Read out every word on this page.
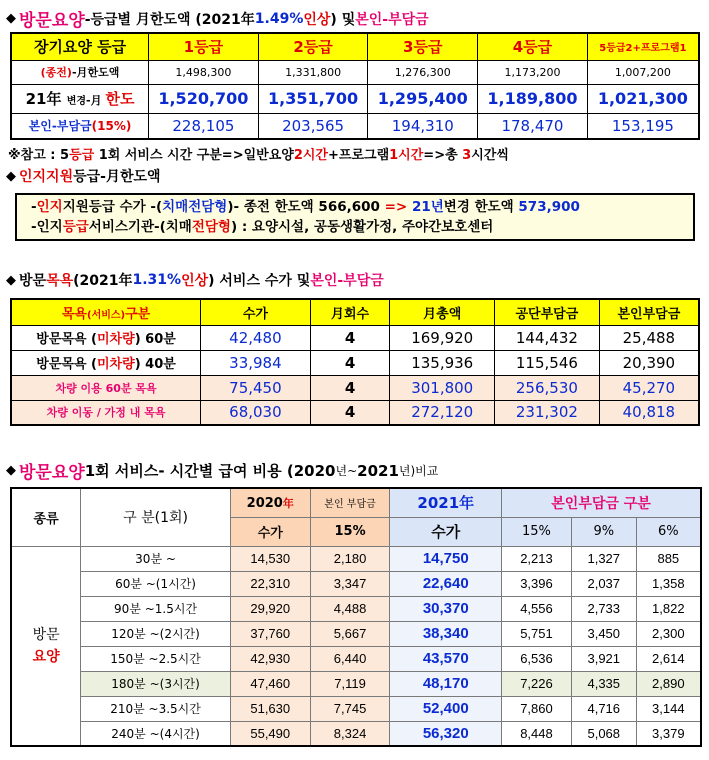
◆ 방문요양 -등급별 月한도액 (2021年 1.49% 인상 ) 및 본인-부담금
장기요양 등급	1등급	2등급	3등급	4등급	5등급2+프로그램1
(종전)-月한도액	1,498,300	1,331,800	1,276,300	1,173,200	1,007,200
21年 변경-月 한도	1,520,700	1,351,700	1,295,400	1,189,800	1,021,300
본인-부담금(15%)	228,105	203,565	194,310	178,470	153,195
※참고 : 5등급 1회 서비스 시간 구분=>일반요양2시간+프로그램1시간=>총 3시간씩
◆ 인지지원 등급-月한도액
-인지지원등급 수가 -(치매전담형)- 종전 한도액 566,600 => 21년변경 한도액 573,900
-인지등급서비스기관-(치매전담형) : 요양시설, 공동생활가정, 주야간보호센터
◆ 방문 목욕 (2021年 1.31% 인상 ) 서비스 수가 및 본인-부담금
목욕(서비스)구분	수가	月회수	月총액	공단부담금	본인부담금
방문목욕 (미차량) 60분	42,480	4	169,920	144,432	25,488
방문목욕 (미차량) 40분	33,984	4	135,936	115,546	20,390
차량 이용 60분 목욕	75,450	4	301,800	256,530	45,270
차량 이동 / 가정 내 목욕	68,030	4	272,120	231,302	40,818
◆ 방문요양 1회 서비스- 시간별 급여 비용 ( 2020 년~ 2021 년)비교
종류	구 분(1회)	2020年	본인 부담금	2021年	본인부담금 구분		
		수가	15%	수가	15%	9%	6%
방문
요양	30분 ~	14,530	2,180	14,750	2,213	1,327	885
	60분 ~(1시간)	22,310	3,347	22,640	3,396	2,037	1,358
	90분 ~1.5시간	29,920	4,488	30,370	4,556	2,733	1,822
	120분 ~(2시간)	37,760	5,667	38,340	5,751	3,450	2,300
	150분 ~2.5시간	42,930	6,440	43,570	6,536	3,921	2,614
	180분 ~(3시간)	47,460	7,119	48,170	7,226	4,335	2,890
	210분 ~3.5시간	51,630	7,745	52,400	7,860	4,716	3,144
	240분 ~(4시간)	55,490	8,324	56,320	8,448	5,068	3,379
